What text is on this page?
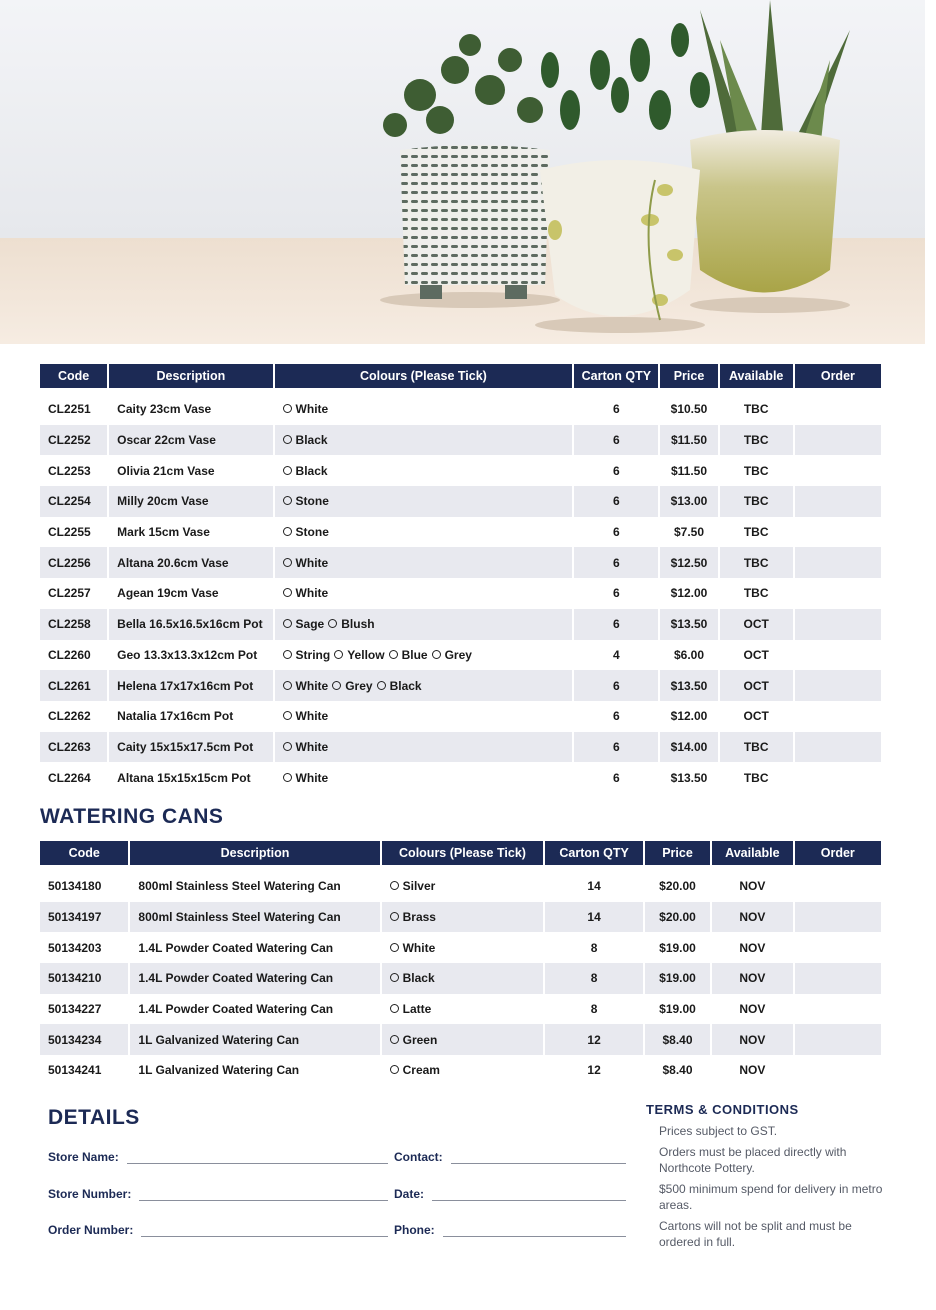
Code	Description	Colours (Please Tick)	Carton QTY	Price	Available	Order
CL2251	Caity 23cm Vase	White	6	$10.50	TBC	
CL2252	Oscar 22cm Vase	Black	6	$11.50	TBC	
CL2253	Olivia 21cm Vase	Black	6	$11.50	TBC	
CL2254	Milly 20cm Vase	Stone	6	$13.00	TBC	
CL2255	Mark 15cm Vase	Stone	6	$7.50	TBC	
CL2256	Altana 20.6cm Vase	White	6	$12.50	TBC	
CL2257	Agean 19cm Vase	White	6	$12.00	TBC	
CL2258	Bella 16.5x16.5x16cm Pot	Sage Blush	6	$13.50	OCT	
CL2260	Geo 13.3x13.3x12cm Pot	String Yellow Blue Grey	4	$6.00	OCT	
CL2261	Helena 17x17x16cm Pot	White Grey Black	6	$13.50	OCT	
CL2262	Natalia 17x16cm Pot	White	6	$12.00	OCT	
CL2263	Caity 15x15x17.5cm Pot	White	6	$14.00	TBC	
CL2264	Altana 15x15x15cm Pot	White	6	$13.50	TBC	
WATERING CANS
Code	Description	Colours (Please Tick)	Carton QTY	Price	Available	Order
50134180	800ml Stainless Steel Watering Can	Silver	14	$20.00	NOV	
50134197	800ml Stainless Steel Watering Can	Brass	14	$20.00	NOV	
50134203	1.4L Powder Coated Watering Can	White	8	$19.00	NOV	
50134210	1.4L Powder Coated Watering Can	Black	8	$19.00	NOV	
50134227	1.4L Powder Coated Watering Can	Latte	8	$19.00	NOV	
50134234	1L Galvanized Watering Can	Green	12	$8.40	NOV	
50134241	1L Galvanized Watering Can	Cream	12	$8.40	NOV	
DETAILS
Store Name:	Contact:
Store Number:	Date:
Order Number:	Phone:
TERMS & CONDITIONS

Prices subject to GST.

Orders must be placed directly with Northcote Pottery.

$500 minimum spend for delivery in metro areas.

Cartons will not be split and must be ordered in full.
